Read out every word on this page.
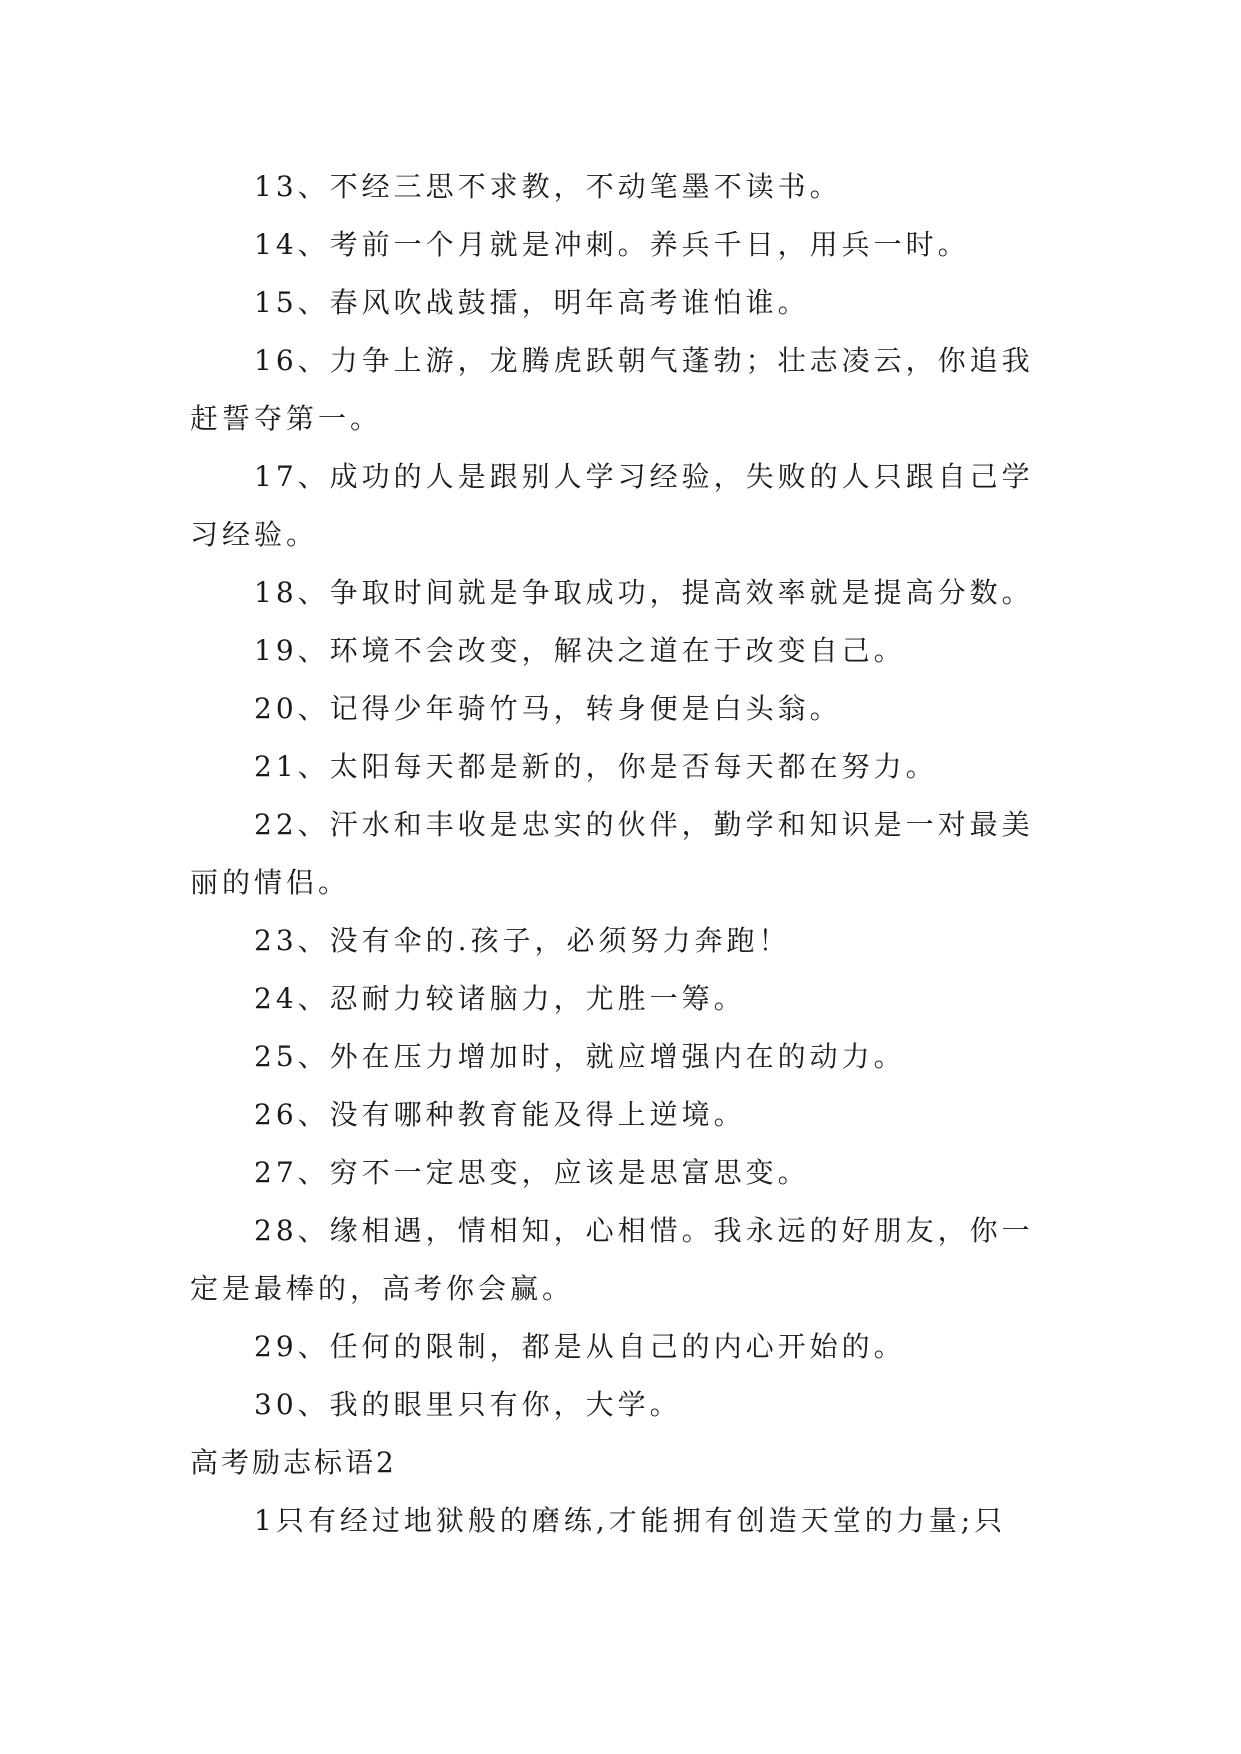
13、不经三思不求教，不动笔墨不读书。

14、考前一个月就是冲刺。养兵千日，用兵一时。

15、春风吹战鼓擂，明年高考谁怕谁。

16、力争上游，龙腾虎跃朝气蓬勃；壮志凌云，你追我赶誓夺第一。

17、成功的人是跟别人学习经验，失败的人只跟自己学习经验。

18、争取时间就是争取成功，提高效率就是提高分数。

19、环境不会改变，解决之道在于改变自己。

20、记得少年骑竹马，转身便是白头翁。

21、太阳每天都是新的，你是否每天都在努力。

22、汗水和丰收是忠实的伙伴，勤学和知识是一对最美丽的情侣。

23、没有伞的.孩子，必须努力奔跑！

24、忍耐力较诸脑力，尤胜一筹。

25、外在压力增加时，就应增强内在的动力。

26、没有哪种教育能及得上逆境。

27、穷不一定思变，应该是思富思变。

28、缘相遇，情相知，心相惜。我永远的好朋友，你一定是最棒的，高考你会赢。

29、任何的限制，都是从自己的内心开始的。

30、我的眼里只有你，大学。

高考励志标语2

1只有经过地狱般的磨练,才能拥有创造天堂的力量;只
